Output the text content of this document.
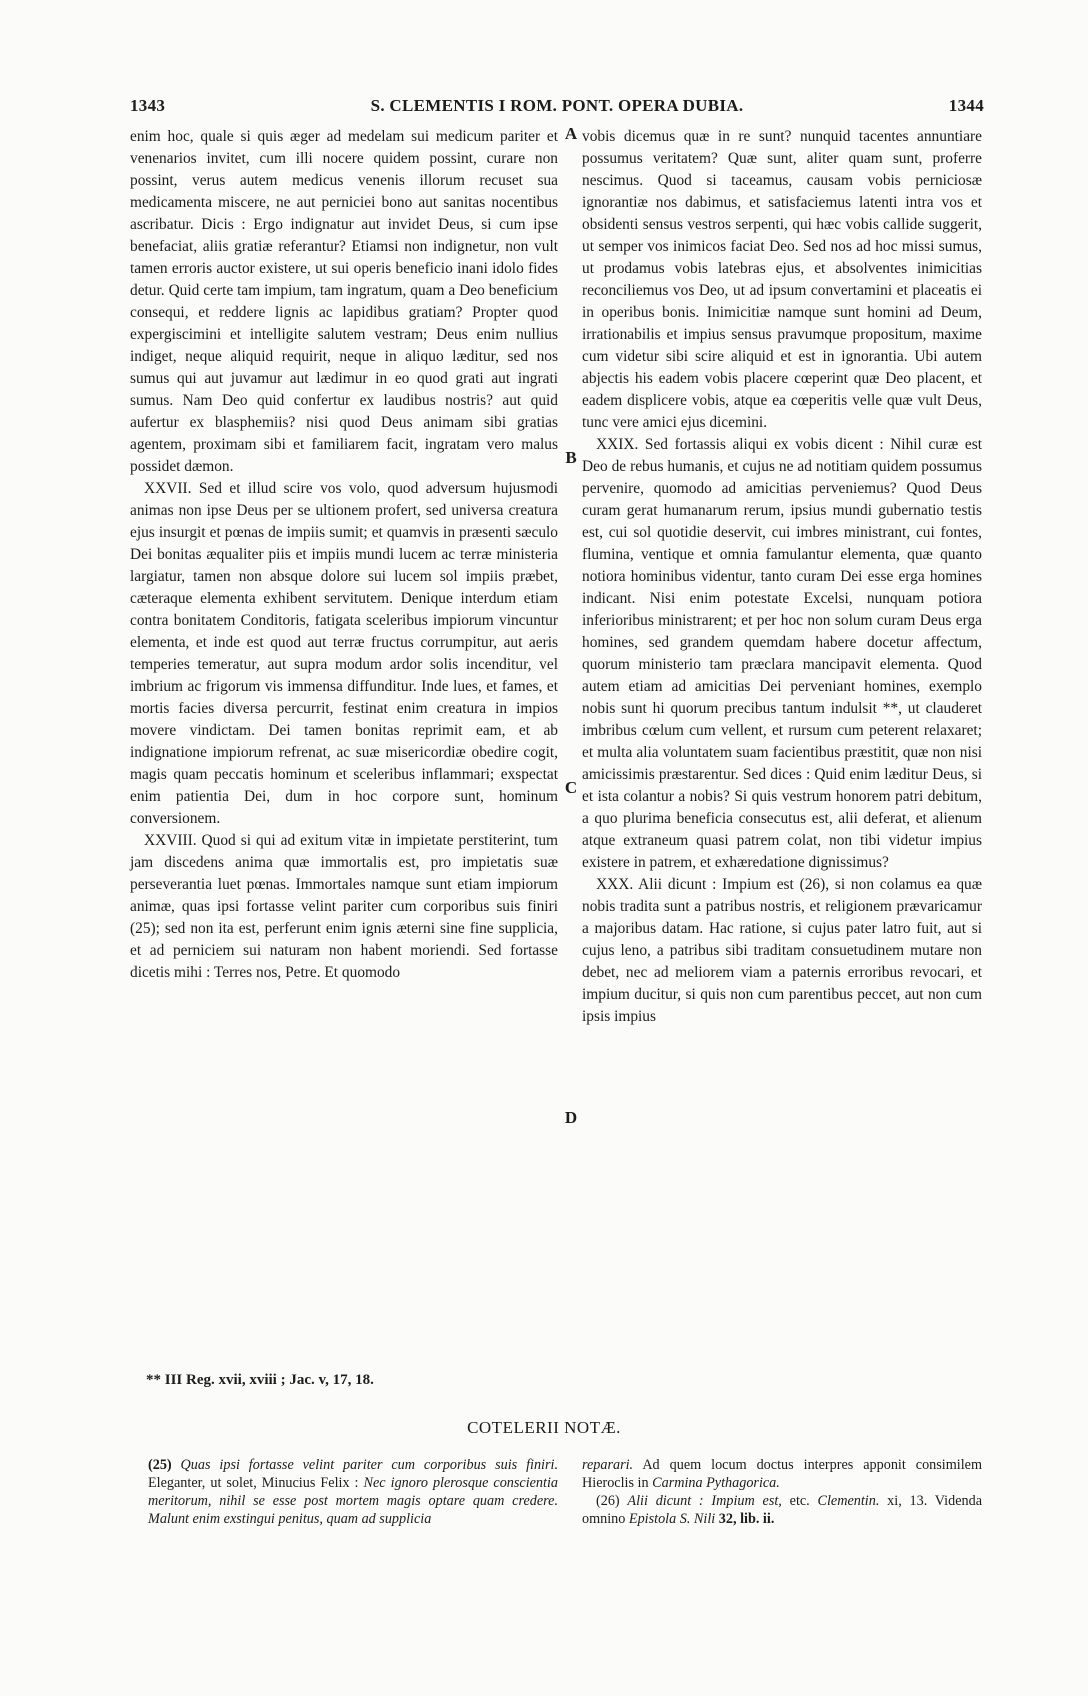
1343	S. CLEMENTIS I ROM. PONT. OPERA DUBIA.	1344

enim hoc, quale si quis æger ad medelam sui medicum pariter et venenarios invitet, cum illi nocere quidem possint, curare non possint, verus autem medicus venenis illorum recuset sua medicamenta miscere, ne aut perniciei bono aut sanitas nocentibus ascribatur. Dicis : Ergo indignatur aut invidet Deus, si cum ipse benefaciat, aliis gratiæ referantur? Etiamsi non indignetur, non vult tamen erroris auctor existere, ut sui operis beneficio inani idolo fides detur. Quid certe tam impium, tam ingratum, quam a Deo beneficium consequi, et reddere lignis ac lapidibus gratiam? Propter quod expergiscimini et intelligite salutem vestram; Deus enim nullius indiget, neque aliquid requirit, neque in aliquo læditur, sed nos sumus qui aut juvamur aut lædimur in eo quod grati aut ingrati sumus. Nam Deo quid confertur ex laudibus nostris? aut quid aufertur ex blasphemiis? nisi quod Deus animam sibi gratias agentem, proximam sibi et familiarem facit, ingratam vero malus possidet dæmon.

XXVII. Sed et illud scire vos volo, quod adversum hujusmodi animas non ipse Deus per se ultionem profert, sed universa creatura ejus insurgit et pœnas de impiis sumit; et quamvis in præsenti sæculo Dei bonitas æqualiter piis et impiis mundi lucem ac terræ ministeria largiatur, tamen non absque dolore sui lucem sol impiis præbet, cæteraque elementa exhibent servitutem. Denique interdum etiam contra bonitatem Conditoris, fatigata sceleribus impiorum vincuntur elementa, et inde est quod aut terræ fructus corrumpitur, aut aeris temperies temeratur, aut supra modum ardor solis incenditur, vel imbrium ac frigorum vis immensa diffunditur. Inde lues, et fames, et mortis facies diversa percurrit, festinat enim creatura in impios movere vindictam. Dei tamen bonitas reprimit eam, et ab indignatione impiorum refrenat, ac suæ misericordiæ obedire cogit, magis quam peccatis hominum et sceleribus inflammari; exspectat enim patientia Dei, dum in hoc corpore sunt, hominum conversionem.

XXVIII. Quod si qui ad exitum vitæ in impietate perstiterint, tum jam discedens anima quæ immortalis est, pro impietatis suæ perseverantia luet pœnas. Immortales namque sunt etiam impiorum animæ, quas ipsi fortasse velint pariter cum corporibus suis finiri (25); sed non ita est, perferunt enim ignis æterni sine fine supplicia, et ad perniciem sui naturam non habent moriendi. Sed fortasse dicetis mihi : Terres nos, Petre. Et quomodo

A
B
C
D

vobis dicemus quæ in re sunt? nunquid tacentes annuntiare possumus veritatem? Quæ sunt, aliter quam sunt, proferre nescimus. Quod si taceamus, causam vobis perniciosæ ignorantiæ nos dabimus, et satisfaciemus latenti intra vos et obsidenti sensus vestros serpenti, qui hæc vobis callide suggerit, ut semper vos inimicos faciat Deo. Sed nos ad hoc missi sumus, ut prodamus vobis latebras ejus, et absolventes inimicitias reconciliemus vos Deo, ut ad ipsum convertamini et placeatis ei in operibus bonis. Inimicitiæ namque sunt homini ad Deum, irrationabilis et impius sensus pravumque propositum, maxime cum videtur sibi scire aliquid et est in ignorantia. Ubi autem abjectis his eadem vobis placere cœperint quæ Deo placent, et eadem displicere vobis, atque ea cœperitis velle quæ vult Deus, tunc vere amici ejus dicemini.

XXIX. Sed fortassis aliqui ex vobis dicent : Nihil curæ est Deo de rebus humanis, et cujus ne ad notitiam quidem possumus pervenire, quomodo ad amicitias perveniemus? Quod Deus curam gerat humanarum rerum, ipsius mundi gubernatio testis est, cui sol quotidie deservit, cui imbres ministrant, cui fontes, flumina, ventique et omnia famulantur elementa, quæ quanto notiora hominibus videntur, tanto curam Dei esse erga homines indicant. Nisi enim potestate Excelsi, nunquam potiora inferioribus ministrarent; et per hoc non solum curam Deus erga homines, sed grandem quemdam habere docetur affectum, quorum ministerio tam præclara mancipavit elementa. Quod autem etiam ad amicitias Dei perveniant homines, exemplo nobis sunt hi quorum precibus tantum indulsit **, ut clauderet imbribus cœlum cum vellent, et rursum cum peterent relaxaret; et multa alia voluntatem suam facientibus præstitit, quæ non nisi amicissimis præstarentur. Sed dices : Quid enim læditur Deus, si et ista colantur a nobis? Si quis vestrum honorem patri debitum, a quo plurima beneficia consecutus est, alii deferat, et alienum atque extraneum quasi patrem colat, non tibi videtur impius existere in patrem, et exhæredatione dignissimus?

XXX. Alii dicunt : Impium est (26), si non colamus ea quæ nobis tradita sunt a patribus nostris, et religionem prævaricamur a majoribus datam. Hac ratione, si cujus pater latro fuit, aut si cujus leno, a patribus sibi traditam consuetudinem mutare non debet, nec ad meliorem viam a paternis erroribus revocari, et impium ducitur, si quis non cum parentibus peccet, aut non cum ipsis impius

** III Reg. xvii, xviii ; Jac. v, 17, 18.
COTELERII NOTÆ.

(25) Quas ipsi fortasse velint pariter cum corporibus suis finiri. Eleganter, ut solet, Minucius Felix : Nec ignoro plerosque conscientia meritorum, nihil se esse post mortem magis optare quam credere. Malunt enim exstingui penitus, quam ad supplicia

reparari. Ad quem locum doctus interpres apponit consimilem Hieroclis in Carmina Pythagorica.

(26) Alii dicunt : Impium est, etc. Clementin. xi, 13. Videnda omnino Epistola S. Nili 32, lib. ii.
